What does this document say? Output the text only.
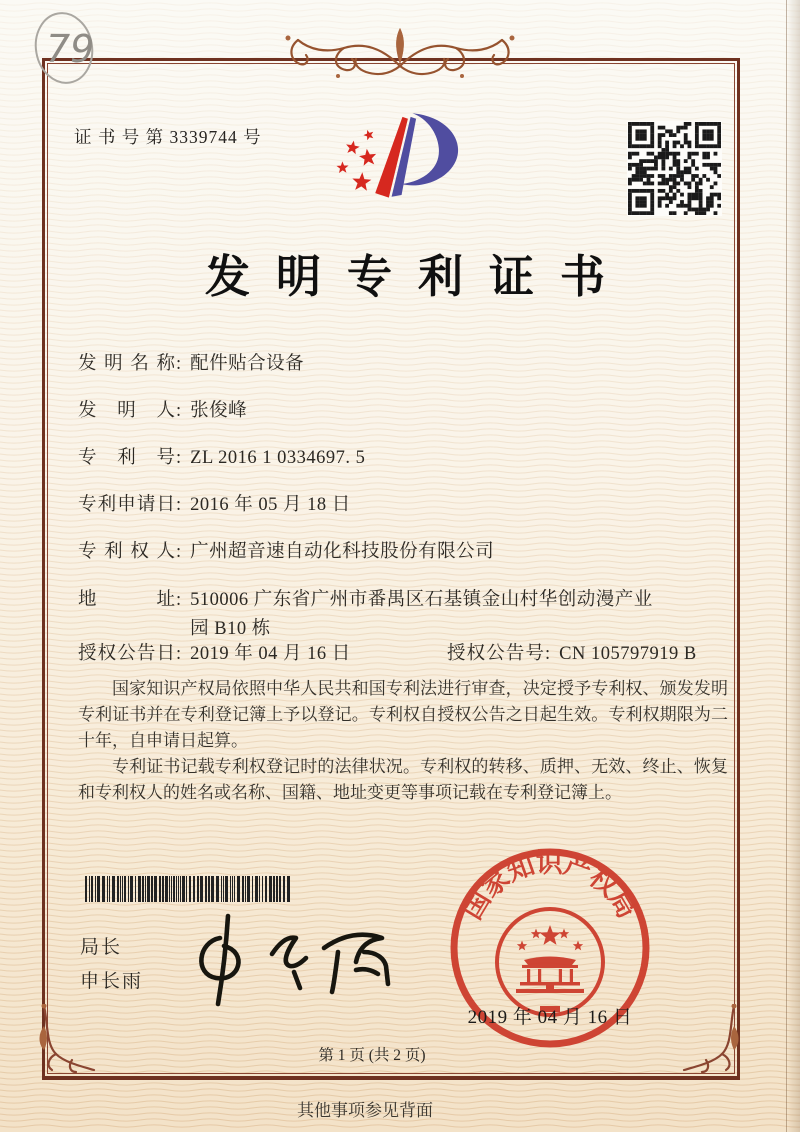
79
证 书 号 第 3339744 号
发明专利证书
发明名称: 配件贴合设备
发明人: 张俊峰
专利号: ZL 2016 1 0334697. 5
专利申请日: 2016 年 05 月 18 日
专利权人: 广州超音速自动化科技股份有限公司
地址: 510006 广东省广州市番禺区石基镇金山村华创动漫产业
园 B10 栋
授权公告日: 2019 年 04 月 16 日	授权公告号: CN 105797919 B

国家知识产权局依照中华人民共和国专利法进行审查，决定授予专利权、颁发发明专利证书并在专利登记簿上予以登记。专利权自授权公告之日起生效。专利权期限为二十年，自申请日起算。

专利证书记载专利权登记时的法律状况。专利权的转移、质押、无效、终止、恢复和专利权人的姓名或名称、国籍、地址变更等事项记载在专利登记簿上。

局长
申长雨
国家知识产权局
2019 年 04 月 16 日
第 1 页 (共 2 页)
其他事项参见背面
